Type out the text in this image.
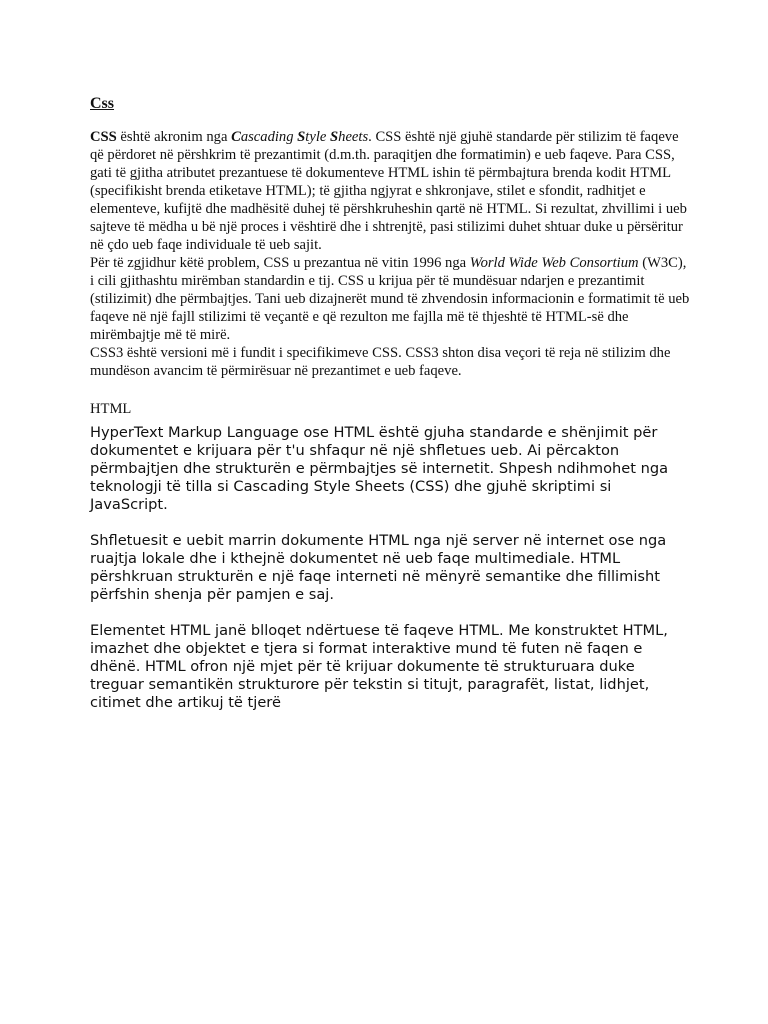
Css

CSS është akronim nga Cascading Style Sheets. CSS është një gjuhë standarde për stilizim të faqeve që përdoret në përshkrim të prezantimit (d.m.th. paraqitjen dhe formatimin) e ueb faqeve. Para CSS, gati të gjitha atributet prezantuese të dokumenteve HTML ishin të përmbajtura brenda kodit HTML (specifikisht brenda etiketave HTML); të gjitha ngjyrat e shkronjave, stilet e sfondit, radhitjet e elementeve, kufijtë dhe madhësitë duhej të përshkruheshin qartë në HTML. Si rezultat, zhvillimi i ueb sajteve të mëdha u bë një proces i vështirë dhe i shtrenjtë, pasi stilizimi duhet shtuar duke u përsëritur në çdo ueb faqe individuale të ueb sajit.

Për të zgjidhur këtë problem, CSS u prezantua në vitin 1996 nga World Wide Web Consortium (W3C), i cili gjithashtu mirëmban standardin e tij. CSS u krijua për të mundësuar ndarjen e prezantimit (stilizimit) dhe përmbajtjes. Tani ueb dizajnerët mund të zhvendosin informacionin e formatimit të ueb faqeve në një fajll stilizimi të veçantë e që rezulton me fajlla më të thjeshtë të HTML-së dhe mirëmbajtje më të mirë.

CSS3 është versioni më i fundit i specifikimeve CSS. CSS3 shton disa veçori të reja në stilizim dhe mundëson avancim të përmirësuar në prezantimet e ueb faqeve.

HTML

HyperText Markup Language ose HTML është gjuha standarde e shënjimit për dokumentet e krijuara për t'u shfaqur në një shfletues ueb. Ai përcakton përmbajtjen dhe strukturën e përmbajtjes së internetit. Shpesh ndihmohet nga teknologji të tilla si Cascading Style Sheets (CSS) dhe gjuhë skriptimi si JavaScript.

Shfletuesit e uebit marrin dokumente HTML nga një server në internet ose nga ruajtja lokale dhe i kthejnë dokumentet në ueb faqe multimediale. HTML përshkruan strukturën e një faqe interneti në mënyrë semantike dhe fillimisht përfshin shenja për pamjen e saj.

Elementet HTML janë blloqet ndërtuese të faqeve HTML. Me konstruktet HTML, imazhet dhe objektet e tjera si format interaktive mund të futen në faqen e dhënë. HTML ofron një mjet për të krijuar dokumente të strukturuara duke treguar semantikën strukturore për tekstin si titujt, paragrafët, listat, lidhjet, citimet dhe artikuj të tjerë
